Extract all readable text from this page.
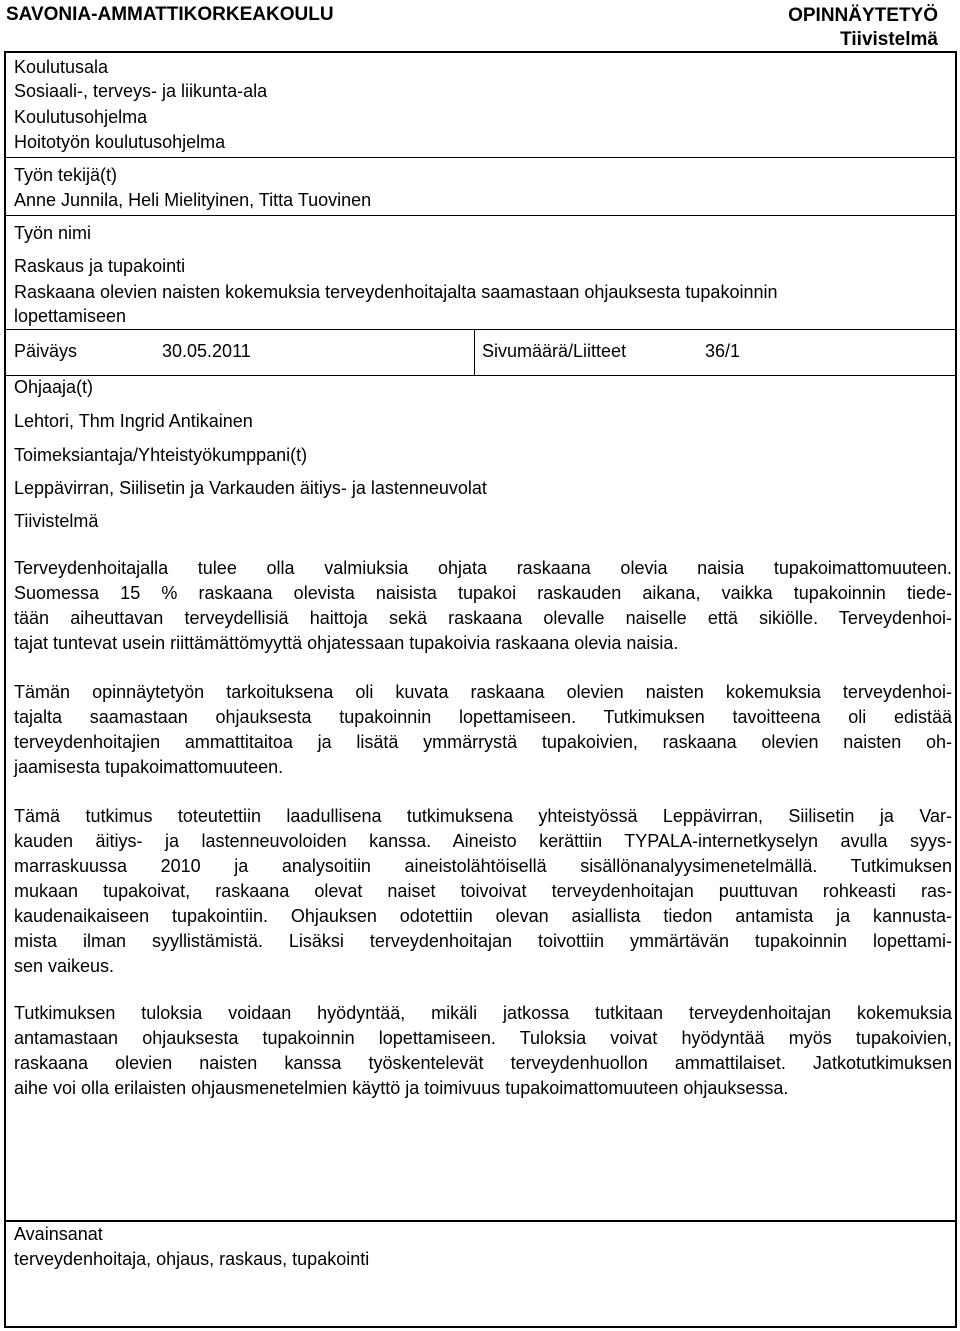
SAVONIA-AMMATTIKORKEAKOULU	OPINNÄYTETYÖ
Tiivistelmä
Koulutusala
Sosiaali-, terveys- ja liikunta-ala
Koulutusohjelma
Hoitotyön koulutusohjelma
Työn tekijä(t)
Anne Junnila, Heli Mielityinen, Titta Tuovinen
Työn nimi
Raskaus ja tupakointi
Raskaana olevien naisten kokemuksia terveydenhoitajalta saamastaan ohjauksesta tupakoinnin
lopettamiseen
Päiväys	30.05.2011	Sivumäärä/Liitteet	36/1
Ohjaaja(t)
Lehtori, Thm Ingrid Antikainen
Toimeksiantaja/Yhteistyökumppani(t)
Leppävirran, Siilisetin ja Varkauden äitiys- ja lastenneuvolat
Tiivistelmä
Terveydenhoitajalla tulee olla valmiuksia ohjata raskaana olevia naisia tupakoimattomuuteen.
Suomessa 15 % raskaana olevista naisista tupakoi raskauden aikana, vaikka tupakoinnin tiede-
tään aiheuttavan terveydellisiä haittoja sekä raskaana olevalle naiselle että sikiölle. Terveydenhoi-
tajat tuntevat usein riittämättömyyttä ohjatessaan tupakoivia raskaana olevia naisia.
Tämän opinnäytetyön tarkoituksena oli kuvata raskaana olevien naisten kokemuksia terveydenhoi-
tajalta saamastaan ohjauksesta tupakoinnin lopettamiseen. Tutkimuksen tavoitteena oli edistää
terveydenhoitajien ammattitaitoa ja lisätä ymmärrystä tupakoivien, raskaana olevien naisten oh-
jaamisesta tupakoimattomuuteen.
Tämä tutkimus toteutettiin laadullisena tutkimuksena yhteistyössä Leppävirran, Siilisetin ja Var-
kauden äitiys- ja lastenneuvoloiden kanssa. Aineisto kerättiin TYPALA-internetkyselyn avulla syys-
marraskuussa 2010 ja analysoitiin aineistolähtöisellä sisällönanalyysimenetelmällä. Tutkimuksen
mukaan tupakoivat, raskaana olevat naiset toivoivat terveydenhoitajan puuttuvan rohkeasti ras-
kaudenaikaiseen tupakointiin. Ohjauksen odotettiin olevan asiallista tiedon antamista ja kannusta-
mista ilman syyllistämistä. Lisäksi terveydenhoitajan toivottiin ymmärtävän tupakoinnin lopettami-
sen vaikeus.
Tutkimuksen tuloksia voidaan hyödyntää, mikäli jatkossa tutkitaan terveydenhoitajan kokemuksia
antamastaan ohjauksesta tupakoinnin lopettamiseen. Tuloksia voivat hyödyntää myös tupakoivien,
raskaana olevien naisten kanssa työskentelevät terveydenhuollon ammattilaiset. Jatkotutkimuksen
aihe voi olla erilaisten ohjausmenetelmien käyttö ja toimivuus tupakoimattomuuteen ohjauksessa.
Avainsanat
terveydenhoitaja, ohjaus, raskaus, tupakointi
